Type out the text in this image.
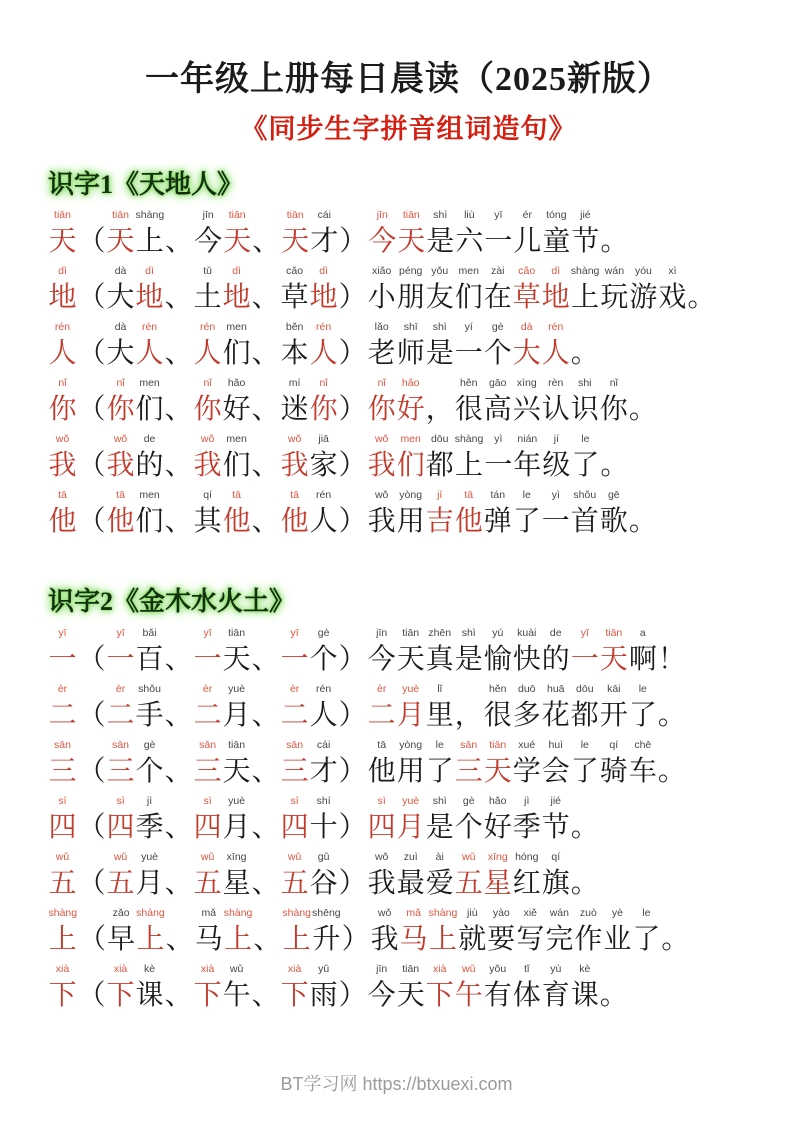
一年级上册每日晨读（2025新版）
《同步生字拼音组词造句》
识字1《天地人》
tiān
天 （
tiān
天
shàng
上 、
jīn
今
tiān
天 、
tiān
天
cái
才 ）
jīn
今
tiān
天
shì
是
liù
六
yī
一
ér
儿
tóng
童
jié
节 。
dì
地 （
dà
大
dì
地 、
tǔ
土
dì
地 、
cǎo
草
dì
地 ）
xiǎo
小
péng
朋
yǒu
友
men
们
zài
在
cǎo
草
dì
地
shàng
上
wán
玩
yóu
游
xì
戏 。
rén
人 （
dà
大
rén
人 、
rén
人
men
们 、
běn
本
rén
人 ）
lǎo
老
shī
师
shì
是
yí
一
gè
个
dà
大
rén
人 。
nǐ
你 （
nǐ
你
men
们 、
nǐ
你
hǎo
好 、
mí
迷
nǐ
你 ）
nǐ
你
hǎo
好 ，
hěn
很
gāo
高
xìng
兴
rèn
认
shi
识
nǐ
你 。
wǒ
我 （
wǒ
我
de
的 、
wǒ
我
men
们 、
wǒ
我
jiā
家 ）
wǒ
我
men
们
dōu
都
shàng
上
yì
一
nián
年
jí
级
le
了 。
tā
他 （
tā
他
men
们 、
qí
其
tā
他 、
tā
他
rén
人 ）
wǒ
我
yòng
用
jí
吉
tā
他
tán
弹
le
了
yì
一
shǒu
首
gē
歌 。
识字2《金木水火土》
yī
一 （
yī
一
bǎi
百 、
yī
一
tiān
天 、
yī
一
gè
个 ）
jīn
今
tiān
天
zhēn
真
shì
是
yú
愉
kuài
快
de
的
yī
一
tiān
天
a
啊 ！
èr
二 （
èr
二
shǒu
手 、
èr
二
yuè
月 、
èr
二
rén
人 ）
èr
二
yuè
月
lǐ
里 ，
hěn
很
duō
多
huā
花
dōu
都
kāi
开
le
了 。
sān
三 （
sān
三
gè
个 、
sān
三
tiān
天 、
sān
三
cái
才 ）
tā
他
yòng
用
le
了
sān
三
tiān
天
xué
学
huì
会
le
了
qí
骑
chē
车 。
sì
四 （
sì
四
jì
季 、
sì
四
yuè
月 、
sì
四
shí
十 ）
sì
四
yuè
月
shì
是
gè
个
hǎo
好
jì
季
jié
节 。
wǔ
五 （
wǔ
五
yuè
月 、
wǔ
五
xīng
星 、
wǔ
五
gǔ
谷 ）
wǒ
我
zuì
最
ài
爱
wǔ
五
xīng
星
hóng
红
qí
旗 。
shàng
上 （
zǎo
早
shàng
上 、
mǎ
马
shàng
上 、
shàng
上
shēng
升 ）
wǒ
我
mǎ
马
shàng
上
jiù
就
yào
要
xiě
写
wán
完
zuò
作
yè
业
le
了 。
xià
下 （
xià
下
kè
课 、
xià
下
wǔ
午 、
xià
下
yǔ
雨 ）
jīn
今
tiān
天
xià
下
wǔ
午
yǒu
有
tǐ
体
yù
育
kè
课 。
BT学习网 https://btxuexi.com
